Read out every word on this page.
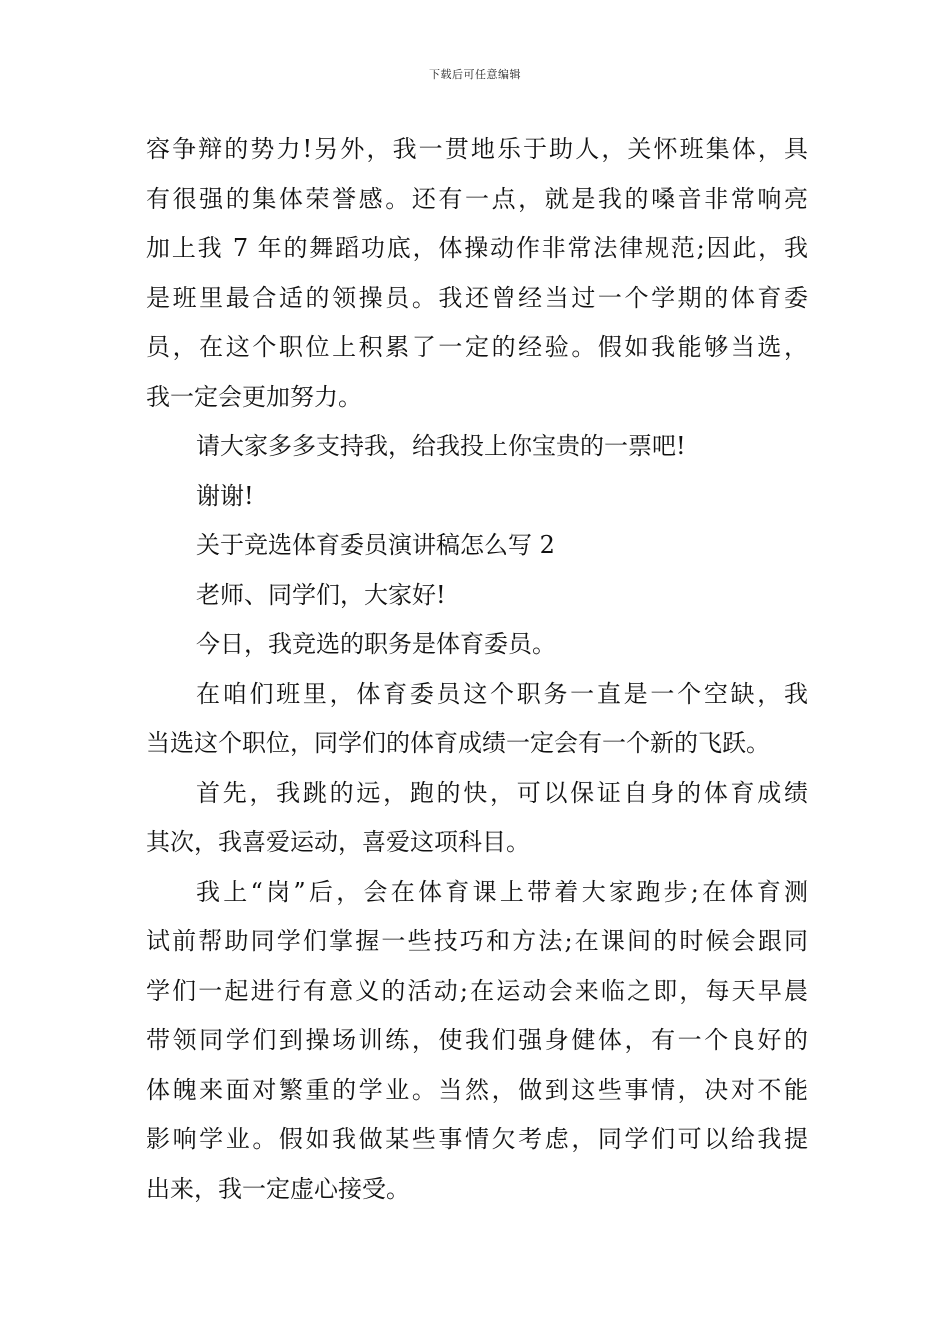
下载后可任意编辑
容争辩的势力!另外，我一贯地乐于助人，关怀班集体，具
有很强的集体荣誉感。还有一点，就是我的嗓音非常响亮
加上我 7 年的舞蹈功底，体操动作非常法律规范;因此，我
是班里最合适的领操员。我还曾经当过一个学期的体育委
员，在这个职位上积累了一定的经验。假如我能够当选，
我一定会更加努力。
请大家多多支持我，给我投上你宝贵的一票吧!
谢谢!
关于竞选体育委员演讲稿怎么写 2
老师、同学们，大家好!
今日，我竞选的职务是体育委员。
在咱们班里，体育委员这个职务一直是一个空缺，我
当选这个职位，同学们的体育成绩一定会有一个新的飞跃。
首先，我跳的远，跑的快，可以保证自身的体育成绩
其次，我喜爱运动，喜爱这项科目。
我上“岗”后，会在体育课上带着大家跑步;在体育测
试前帮助同学们掌握一些技巧和方法;在课间的时候会跟同
学们一起进行有意义的活动;在运动会来临之即，每天早晨
带领同学们到操场训练，使我们强身健体，有一个良好的
体魄来面对繁重的学业。当然，做到这些事情，决对不能
影响学业。假如我做某些事情欠考虑，同学们可以给我提
出来，我一定虚心接受。
